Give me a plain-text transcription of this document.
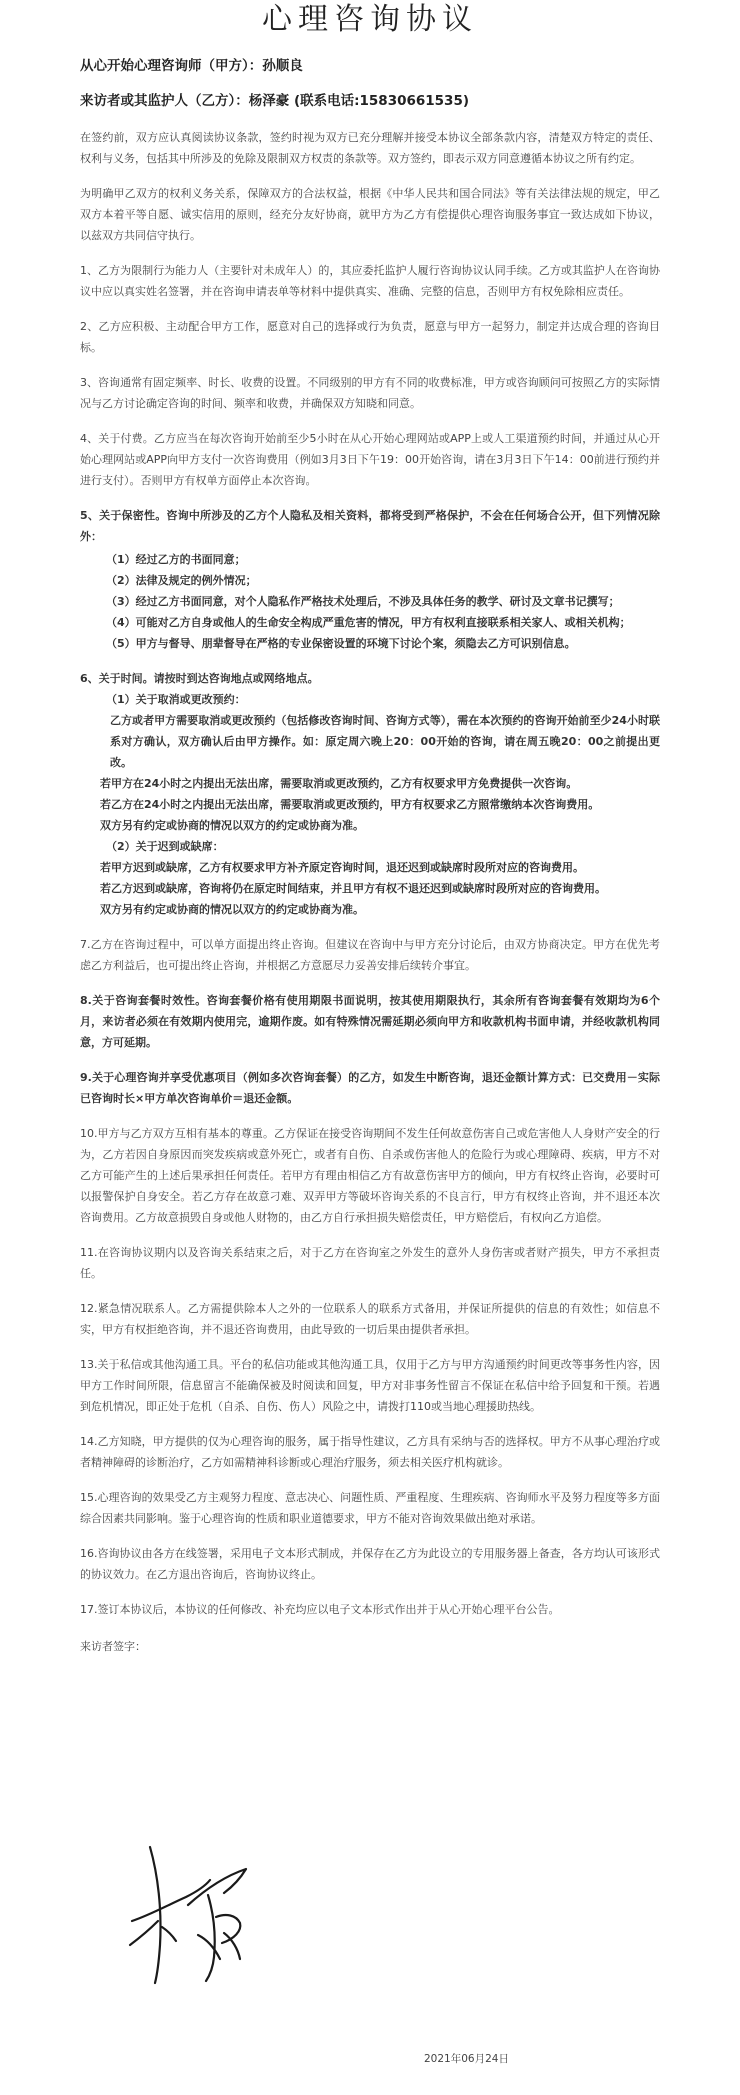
心理咨询协议
从心开始心理咨询师（甲方）：孙顺良
来访者或其监护人（乙方）：杨泽豪 (联系电话:15830661535)

在签约前，双方应认真阅读协议条款，签约时视为双方已充分理解并接受本协议全部条款内容，清楚双方特定的责任、权利与义务，包括其中所涉及的免除及限制双方权责的条款等。双方签约，即表示双方同意遵循本协议之所有约定。

为明确甲乙双方的权利义务关系，保障双方的合法权益，根据《中华人民共和国合同法》等有关法律法规的规定，甲乙双方本着平等自愿、诚实信用的原则，经充分友好协商，就甲方为乙方有偿提供心理咨询服务事宜一致达成如下协议，以兹双方共同信守执行。

1、乙方为限制行为能力人（主要针对未成年人）的，其应委托监护人履行咨询协议认同手续。乙方或其监护人在咨询协议中应以真实姓名签署，并在咨询申请表单等材料中提供真实、准确、完整的信息，否则甲方有权免除相应责任。

2、乙方应积极、主动配合甲方工作，愿意对自己的选择或行为负责，愿意与甲方一起努力，制定并达成合理的咨询目标。

3、咨询通常有固定频率、时长、收费的设置。不同级别的甲方有不同的收费标准，甲方或咨询顾问可按照乙方的实际情况与乙方讨论确定咨询的时间、频率和收费，并确保双方知晓和同意。

4、关于付费。乙方应当在每次咨询开始前至少5小时在从心开始心理网站或APP上或人工渠道预约时间，并通过从心开始心理网站或APP向甲方支付一次咨询费用（例如3月3日下午19：00开始咨询，请在3月3日下午14：00前进行预约并进行支付）。否则甲方有权单方面停止本次咨询。

5、关于保密性。咨询中所涉及的乙方个人隐私及相关资料，都将受到严格保护，不会在任何场合公开，但下列情况除外：

（1）经过乙方的书面同意；

（2）法律及规定的例外情况；

（3）经过乙方书面同意，对个人隐私作严格技术处理后，不涉及具体任务的教学、研讨及文章书记撰写；

（4）可能对乙方自身或他人的生命安全构成严重危害的情况，甲方有权利直接联系相关家人、或相关机构；

（5）甲方与督导、朋辈督导在严格的专业保密设置的环境下讨论个案，须隐去乙方可识别信息。

6、关于时间。请按时到达咨询地点或网络地点。

（1）关于取消或更改预约：

乙方或者甲方需要取消或更改预约（包括修改咨询时间、咨询方式等），需在本次预约的咨询开始前至少24小时联系对方确认，双方确认后由甲方操作。如：原定周六晚上20：00开始的咨询，请在周五晚20：00之前提出更改。

若甲方在24小时之内提出无法出席，需要取消或更改预约，乙方有权要求甲方免费提供一次咨询。

若乙方在24小时之内提出无法出席，需要取消或更改预约，甲方有权要求乙方照常缴纳本次咨询费用。

双方另有约定或协商的情况以双方的约定或协商为准。

（2）关于迟到或缺席：

若甲方迟到或缺席，乙方有权要求甲方补齐原定咨询时间，退还迟到或缺席时段所对应的咨询费用。

若乙方迟到或缺席，咨询将仍在原定时间结束，并且甲方有权不退还迟到或缺席时段所对应的咨询费用。

双方另有约定或协商的情况以双方的约定或协商为准。

7.乙方在咨询过程中，可以单方面提出终止咨询。但建议在咨询中与甲方充分讨论后，由双方协商决定。甲方在优先考虑乙方利益后，也可提出终止咨询，并根据乙方意愿尽力妥善安排后续转介事宜。

8.关于咨询套餐时效性。咨询套餐价格有使用期限书面说明，按其使用期限执行，其余所有咨询套餐有效期均为6个月，来访者必须在有效期内使用完，逾期作废。如有特殊情况需延期必须向甲方和收款机构书面申请，并经收款机构同意，方可延期。

9.关于心理咨询并享受优惠项目（例如多次咨询套餐）的乙方，如发生中断咨询，退还金额计算方式：已交费用－实际已咨询时长×甲方单次咨询单价＝退还金额。

10.甲方与乙方双方互相有基本的尊重。乙方保证在接受咨询期间不发生任何故意伤害自己或危害他人人身财产安全的行为，乙方若因自身原因而突发疾病或意外死亡，或者有自伤、自杀或伤害他人的危险行为或心理障碍、疾病，甲方不对乙方可能产生的上述后果承担任何责任。若甲方有理由相信乙方有故意伤害甲方的倾向，甲方有权终止咨询，必要时可以报警保护自身安全。若乙方存在故意刁难、双弄甲方等破坏咨询关系的不良言行，甲方有权终止咨询，并不退还本次咨询费用。乙方故意损毁自身或他人财物的，由乙方自行承担损失赔偿责任，甲方赔偿后，有权向乙方追偿。

11.在咨询协议期内以及咨询关系结束之后，对于乙方在咨询室之外发生的意外人身伤害或者财产损失，甲方不承担责任。

12.紧急情况联系人。乙方需提供除本人之外的一位联系人的联系方式备用，并保证所提供的信息的有效性；如信息不实，甲方有权拒绝咨询，并不退还咨询费用，由此导致的一切后果由提供者承担。

13.关于私信或其他沟通工具。平台的私信功能或其他沟通工具，仅用于乙方与甲方沟通预约时间更改等事务性内容，因甲方工作时间所限，信息留言不能确保被及时阅读和回复，甲方对非事务性留言不保证在私信中给予回复和干预。若遇到危机情况，即正处于危机（自杀、自伤、伤人）风险之中，请拨打110或当地心理援助热线。

14.乙方知晓，甲方提供的仅为心理咨询的服务，属于指导性建议，乙方具有采纳与否的选择权。甲方不从事心理治疗或者精神障碍的诊断治疗，乙方如需精神科诊断或心理治疗服务，须去相关医疗机构就诊。

15.心理咨询的效果受乙方主观努力程度、意志决心、问题性质、严重程度、生理疾病、咨询师水平及努力程度等多方面综合因素共同影响。鉴于心理咨询的性质和职业道德要求，甲方不能对咨询效果做出绝对承诺。

16.咨询协议由各方在线签署，采用电子文本形式制成，并保存在乙方为此设立的专用服务器上备查，各方均认可该形式的协议效力。在乙方退出咨询后，咨询协议终止。

17.签订本协议后，本协议的任何修改、补充均应以电子文本形式作出并于从心开始心理平台公告。

来访者签字：
2021年06月24日
